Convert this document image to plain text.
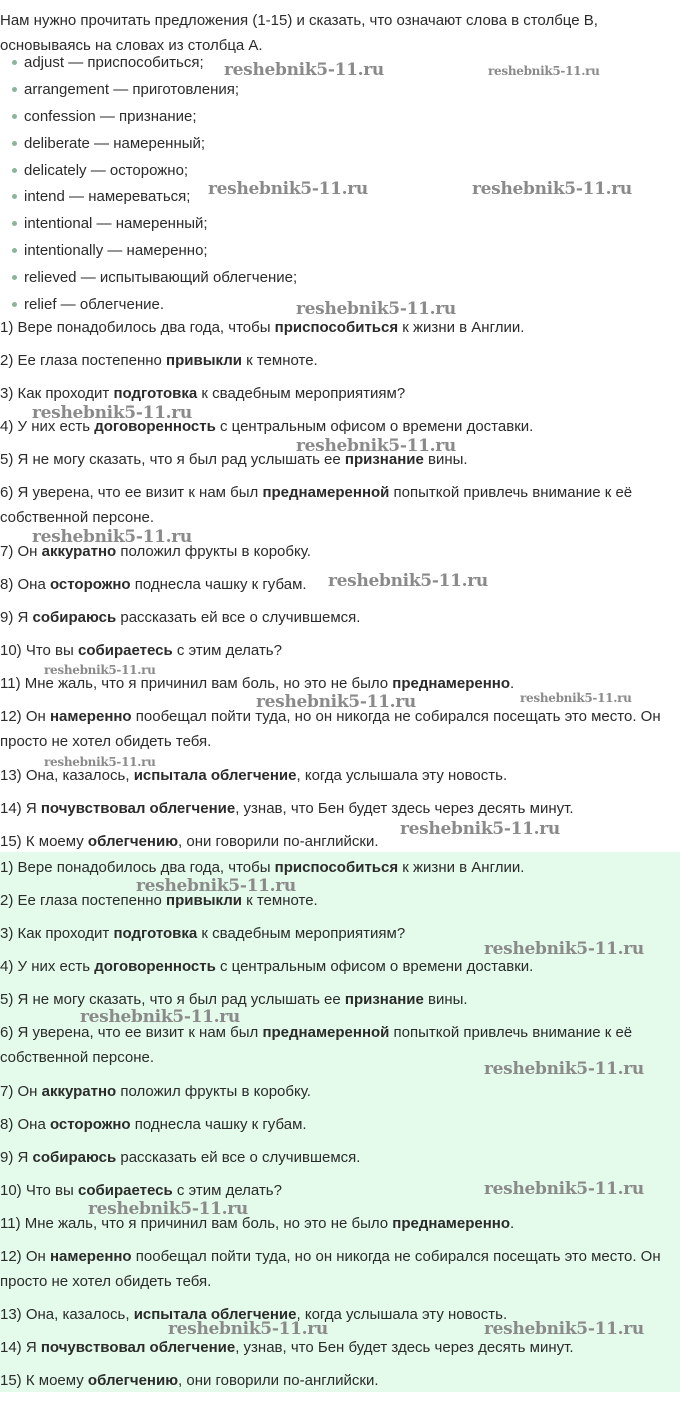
Нам нужно прочитать предложения (1-15) и сказать, что означают слова в столбце B, основываясь на словах из столбца A.

adjust — приспособиться;
arrangement — приготовления;
confession — признание;
deliberate — намеренный;
delicately — осторожно;
intend — намереваться;
intentional — намеренный;
intentionally — намеренно;
relieved — испытывающий облегчение;
relief — облегчение.

1) Вере понадобилось два года, чтобы приспособиться к жизни в Англии.

2) Ее глаза постепенно привыкли к темноте.

3) Как проходит подготовка к свадебным мероприятиям?

4) У них есть договоренность с центральным офисом о времени доставки.

5) Я не могу сказать, что я был рад услышать ее признание вины.

6) Я уверена, что ее визит к нам был преднамеренной попыткой привлечь внимание к её собственной персоне.

7) Он аккуратно положил фрукты в коробку.

8) Она осторожно поднесла чашку к губам.

9) Я собираюсь рассказать ей все о случившемся.

10) Что вы собираетесь с этим делать?

11) Мне жаль, что я причинил вам боль, но это не было преднамеренно.

12) Он намеренно пообещал пойти туда, но он никогда не собирался посещать это место. Он просто не хотел обидеть тебя.

13) Она, казалось, испытала облегчение, когда услышала эту новость.

14) Я почувствовал облегчение, узнав, что Бен будет здесь через десять минут.

15) К моему облегчению, они говорили по-английски.

1) Вере понадобилось два года, чтобы приспособиться к жизни в Англии.

2) Ее глаза постепенно привыкли к темноте.

3) Как проходит подготовка к свадебным мероприятиям?

4) У них есть договоренность с центральным офисом о времени доставки.

5) Я не могу сказать, что я был рад услышать ее признание вины.

6) Я уверена, что ее визит к нам был преднамеренной попыткой привлечь внимание к её собственной персоне.

7) Он аккуратно положил фрукты в коробку.

8) Она осторожно поднесла чашку к губам.

9) Я собираюсь рассказать ей все о случившемся.

10) Что вы собираетесь с этим делать?

11) Мне жаль, что я причинил вам боль, но это не было преднамеренно.

12) Он намеренно пообещал пойти туда, но он никогда не собирался посещать это место. Он просто не хотел обидеть тебя.

13) Она, казалось, испытала облегчение, когда услышала эту новость.

14) Я почувствовал облегчение, узнав, что Бен будет здесь через десять минут.

15) К моему облегчению, они говорили по-английски.

reshebnik5-11.ru	reshebnik5-11.ru
reshebnik5-11.ru	reshebnik5-11.ru
reshebnik5-11.ru
reshebnik5-11.ru
reshebnik5-11.ru
reshebnik5-11.ru
reshebnik5-11.ru
reshebnik5-11.ru
reshebnik5-11.ru	reshebnik5-11.ru
reshebnik5-11.ru
reshebnik5-11.ru
reshebnik5-11.ru
reshebnik5-11.ru
reshebnik5-11.ru
reshebnik5-11.ru
reshebnik5-11.ru
reshebnik5-11.ru
reshebnik5-11.ru	reshebnik5-11.ru
